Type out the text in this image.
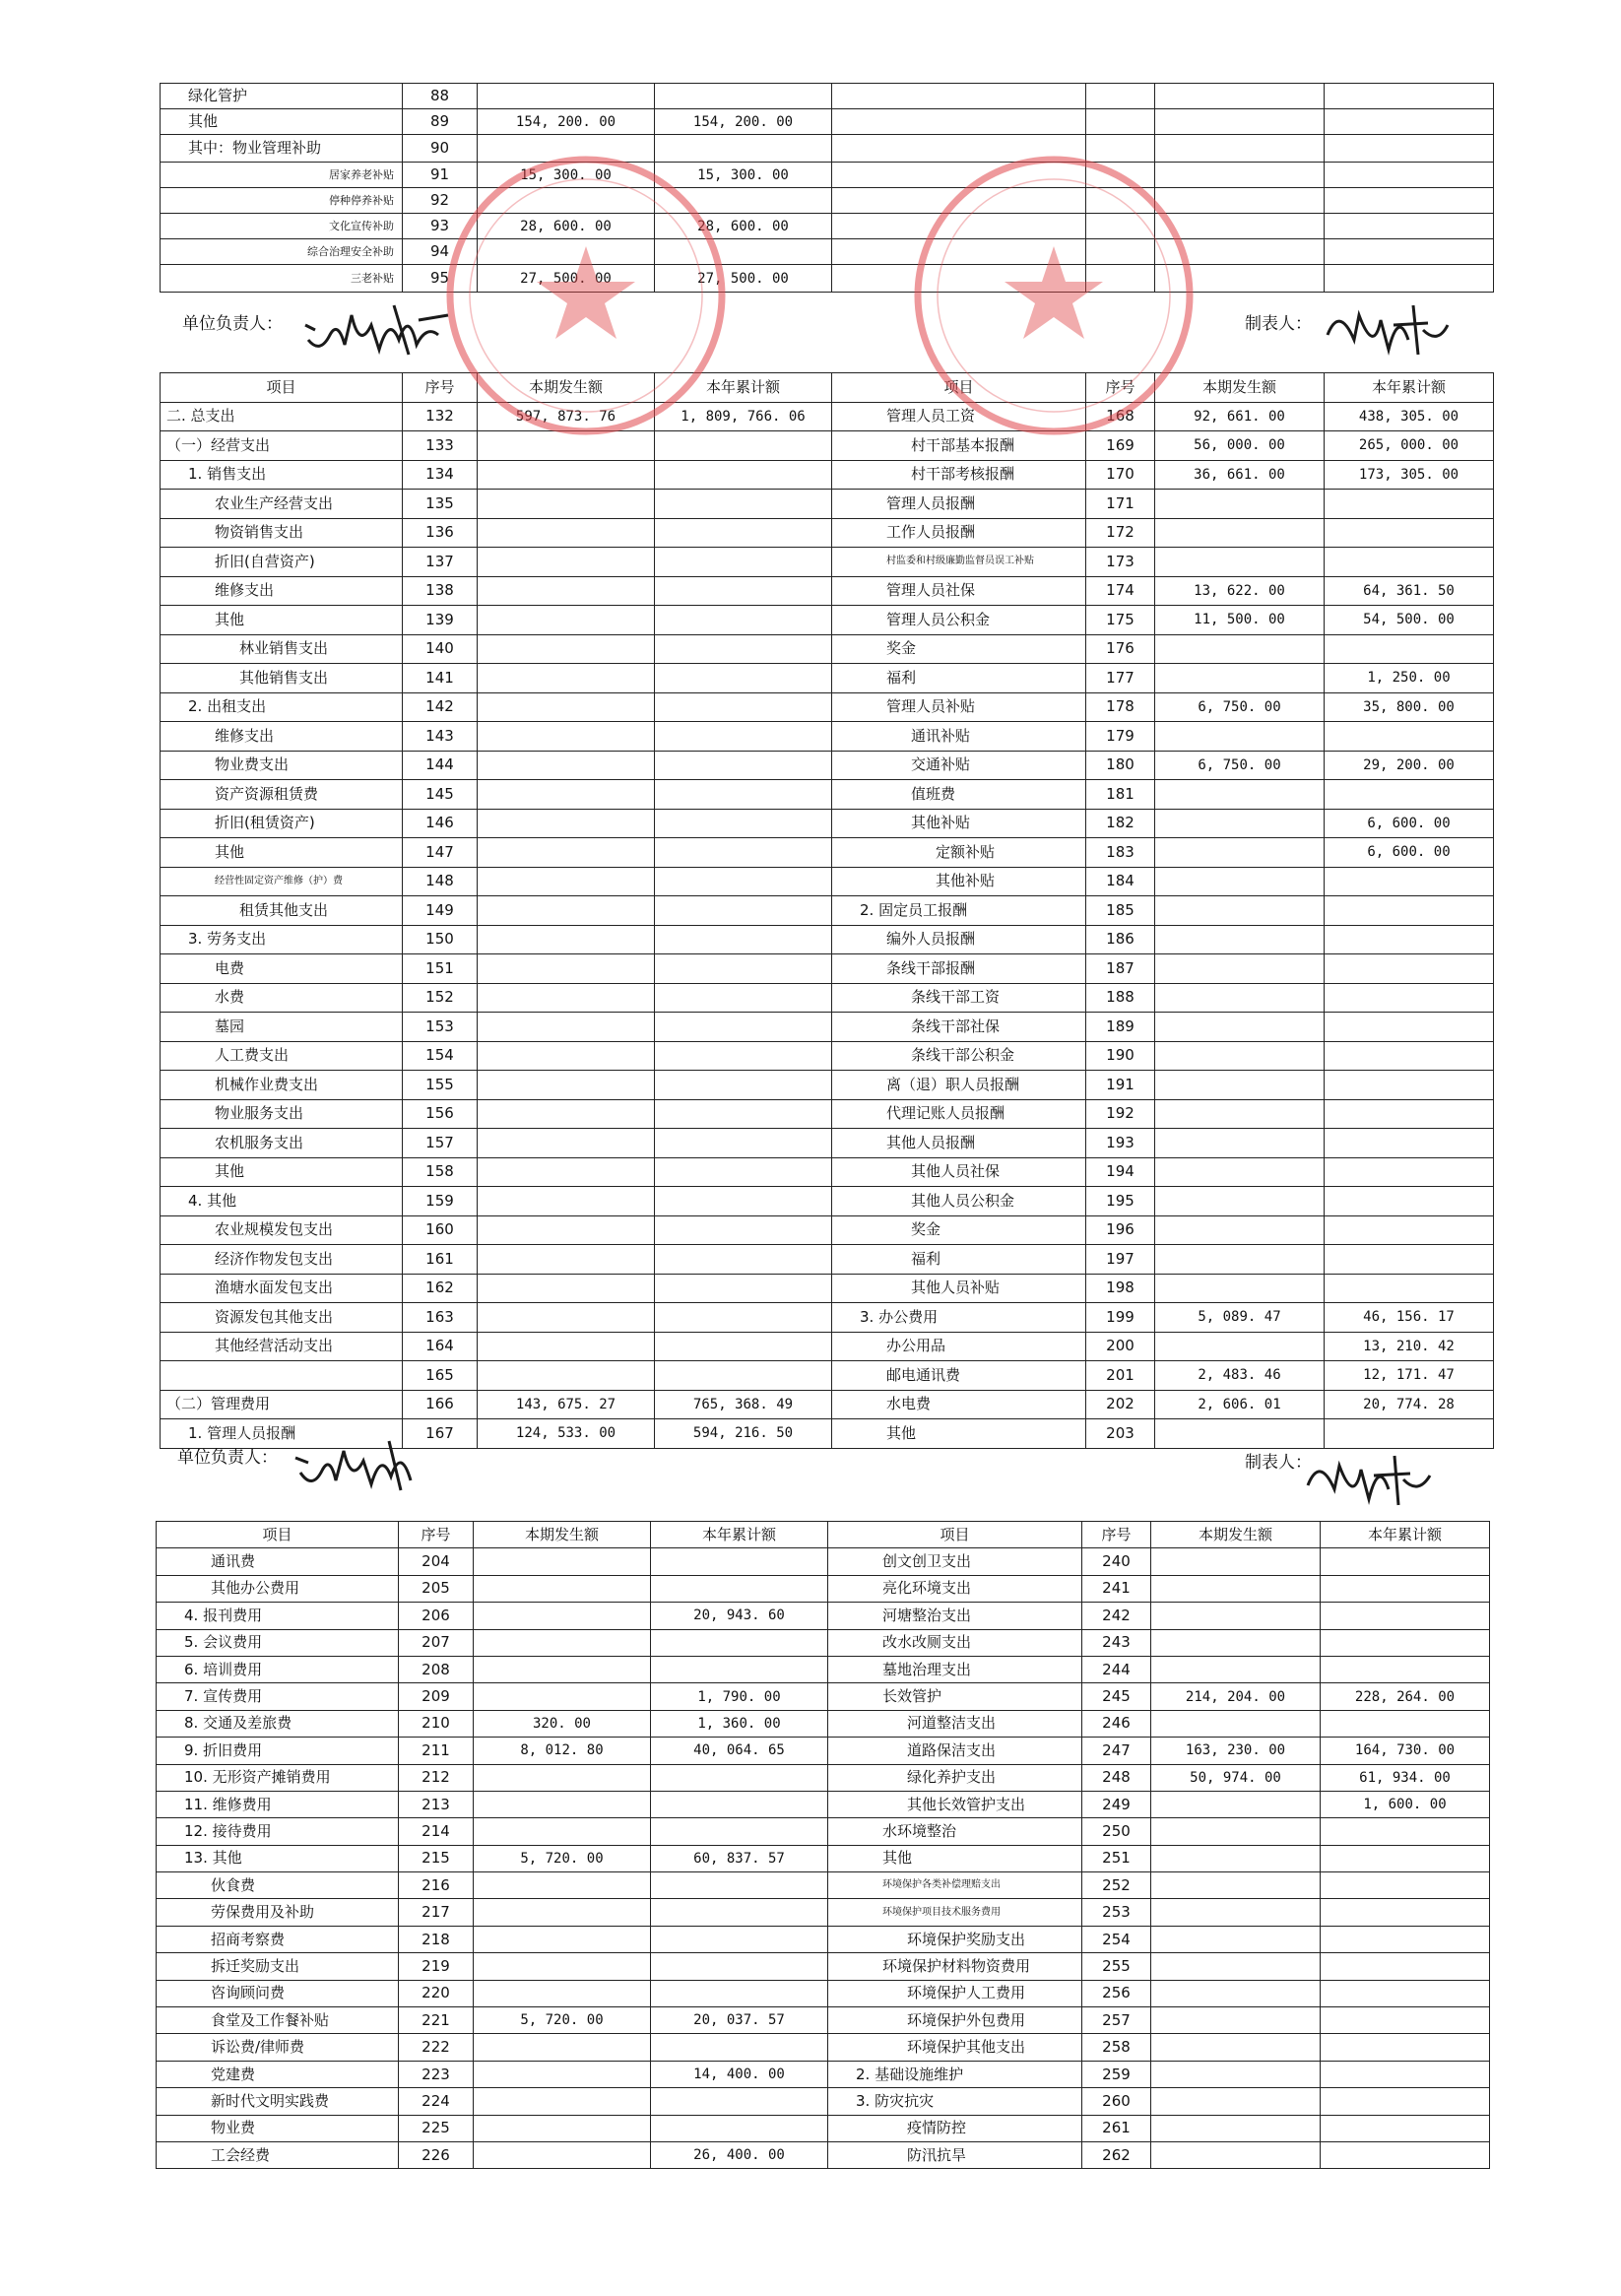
绿化管护	88						
其他	89	154, 200. 00	154, 200. 00				
其中：物业管理补助	90						
居家养老补贴	91	15, 300. 00	15, 300. 00				
停种停养补贴	92						
文化宣传补助	93	28, 600. 00	28, 600. 00				
综合治理安全补助	94						
三老补贴	95	27, 500. 00	27, 500. 00				
单位负责人：	制表人：
项目	序号	本期发生额	本年累计额	项目	序号	本期发生额	本年累计额
二. 总支出	132	597, 873. 76	1, 809, 766. 06	管理人员工资	168	92, 661. 00	438, 305. 00
（一）经营支出	133			村干部基本报酬	169	56, 000. 00	265, 000. 00
1. 销售支出	134			村干部考核报酬	170	36, 661. 00	173, 305. 00
农业生产经营支出	135			管理人员报酬	171		
物资销售支出	136			工作人员报酬	172		
折旧(自营资产)	137			村监委和村级廉勤监督员误工补贴	173		
维修支出	138			管理人员社保	174	13, 622. 00	64, 361. 50
其他	139			管理人员公积金	175	11, 500. 00	54, 500. 00
林业销售支出	140			奖金	176		
其他销售支出	141			福利	177		1, 250. 00
2. 出租支出	142			管理人员补贴	178	6, 750. 00	35, 800. 00
维修支出	143			通讯补贴	179		
物业费支出	144			交通补贴	180	6, 750. 00	29, 200. 00
资产资源租赁费	145			值班费	181		
折旧(租赁资产)	146			其他补贴	182		6, 600. 00
其他	147			定额补贴	183		6, 600. 00
经营性固定资产维修（护）费	148			其他补贴	184		
租赁其他支出	149			2. 固定员工报酬	185		
3. 劳务支出	150			编外人员报酬	186		
电费	151			条线干部报酬	187		
水费	152			条线干部工资	188		
墓园	153			条线干部社保	189		
人工费支出	154			条线干部公积金	190		
机械作业费支出	155			离（退）职人员报酬	191		
物业服务支出	156			代理记账人员报酬	192		
农机服务支出	157			其他人员报酬	193		
其他	158			其他人员社保	194		
4. 其他	159			其他人员公积金	195		
农业规模发包支出	160			奖金	196		
经济作物发包支出	161			福利	197		
渔塘水面发包支出	162			其他人员补贴	198		
资源发包其他支出	163			3. 办公费用	199	5, 089. 47	46, 156. 17
其他经营活动支出	164			办公用品	200		13, 210. 42
	165			邮电通讯费	201	2, 483. 46	12, 171. 47
（二）管理费用	166	143, 675. 27	765, 368. 49	水电费	202	2, 606. 01	20, 774. 28
1. 管理人员报酬	167	124, 533. 00	594, 216. 50	其他	203		
单位负责人：	制表人：
项目	序号	本期发生额	本年累计额	项目	序号	本期发生额	本年累计额
通讯费	204			创文创卫支出	240		
其他办公费用	205			亮化环境支出	241		
4. 报刊费用	206		20, 943. 60	河塘整治支出	242		
5. 会议费用	207			改水改厕支出	243		
6. 培训费用	208			墓地治理支出	244		
7. 宣传费用	209		1, 790. 00	长效管护	245	214, 204. 00	228, 264. 00
8. 交通及差旅费	210	320. 00	1, 360. 00	河道整洁支出	246		
9. 折旧费用	211	8, 012. 80	40, 064. 65	道路保洁支出	247	163, 230. 00	164, 730. 00
10. 无形资产摊销费用	212			绿化养护支出	248	50, 974. 00	61, 934. 00
11. 维修费用	213			其他长效管护支出	249		1, 600. 00
12. 接待费用	214			水环境整治	250		
13. 其他	215	5, 720. 00	60, 837. 57	其他	251		
伙食费	216			环境保护各类补偿理赔支出	252		
劳保费用及补助	217			环境保护项目技术服务费用	253		
招商考察费	218			环境保护奖励支出	254		
拆迁奖励支出	219			环境保护材料物资费用	255		
咨询顾问费	220			环境保护人工费用	256		
食堂及工作餐补贴	221	5, 720. 00	20, 037. 57	环境保护外包费用	257		
诉讼费/律师费	222			环境保护其他支出	258		
党建费	223		14, 400. 00	2. 基础设施维护	259		
新时代文明实践费	224			3. 防灾抗灾	260		
物业费	225			疫情防控	261		
工会经费	226		26, 400. 00	防汛抗旱	262		
